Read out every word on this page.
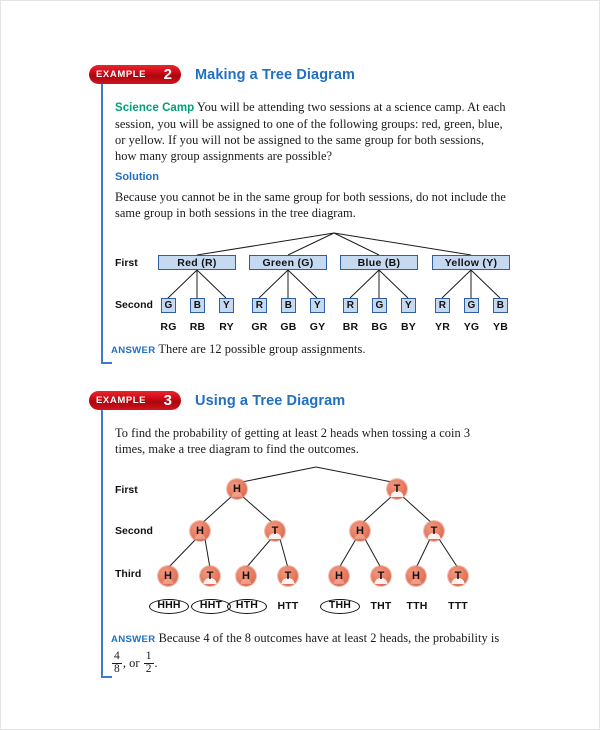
EXAMPLE 2 Making a Tree Diagram
Science Camp You will be attending two sessions at a science camp. At each session, you will be assigned to one of the following groups: red, green, blue, or yellow. If you will not be assigned to the same group for both sessions, how many group assignments are possible?
Solution
Because you cannot be in the same group for both sessions, do not include the same group in both sessions in the tree diagram.
First
Second
Red (R)	Green (G)	Blue (B)	Yellow (Y)
G	B	Y	R	B	Y	R	G	Y	R	G	B
RG	RB	RY	GR	GB	GY	BR	BG	BY	YR	YG	YB
ANSWER There are 12 possible group assignments.
EXAMPLE 3 Using a Tree Diagram
To find the probability of getting at least 2 heads when tossing a coin 3 times, make a tree diagram to find the outcomes.
First
Second
Third
H	T
H	T	H	T
H	T	H	T	H	T	H	T
HHH	HHT	HTH	HTT	THH	THT	TTH	TTT
ANSWER Because 4 of the 8 outcomes have at least 2 heads, the probability is
$\frac{4}{8}$ , or $\frac{1}{2}$ .
